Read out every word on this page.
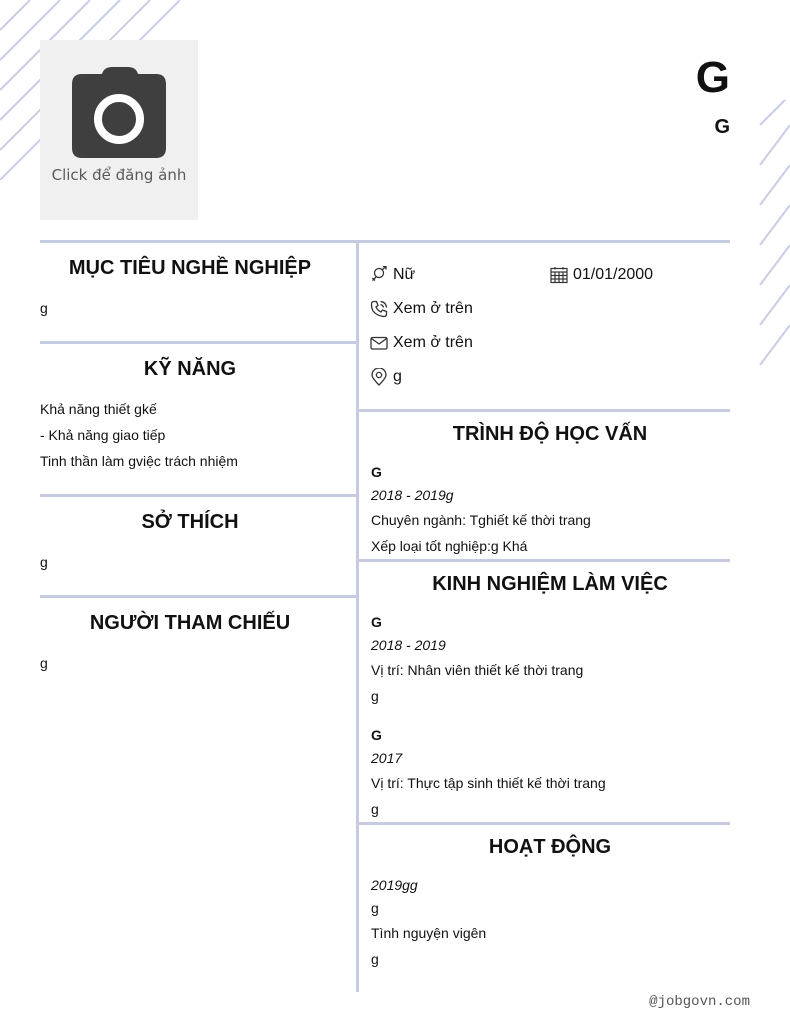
Click để đăng ảnh
G
G
MỤC TIÊU NGHỀ NGHIỆP
g
KỸ NĂNG
Khả năng thiết gkế
- Khả năng giao tiếp
Tinh thần làm gviệc trách nhiệm
SỞ THÍCH
g
NGƯỜI THAM CHIẾU
g
Nữ	01/01/2000
Xem ở trên
Xem ở trên
g
TRÌNH ĐỘ HỌC VẤN
G
2018 - 2019g
Chuyên ngành: Tghiết kế thời trang
Xếp loại tốt nghiệp:g Khá
KINH NGHIỆM LÀM VIỆC
G
2018 - 2019
Vị trí: Nhân viên thiết kế thời trang
g
G
2017
Vị trí: Thực tập sinh thiết kế thời trang
g
HOẠT ĐỘNG
2019gg
g
Tình nguyện vigên
g
@jobgovn.com
